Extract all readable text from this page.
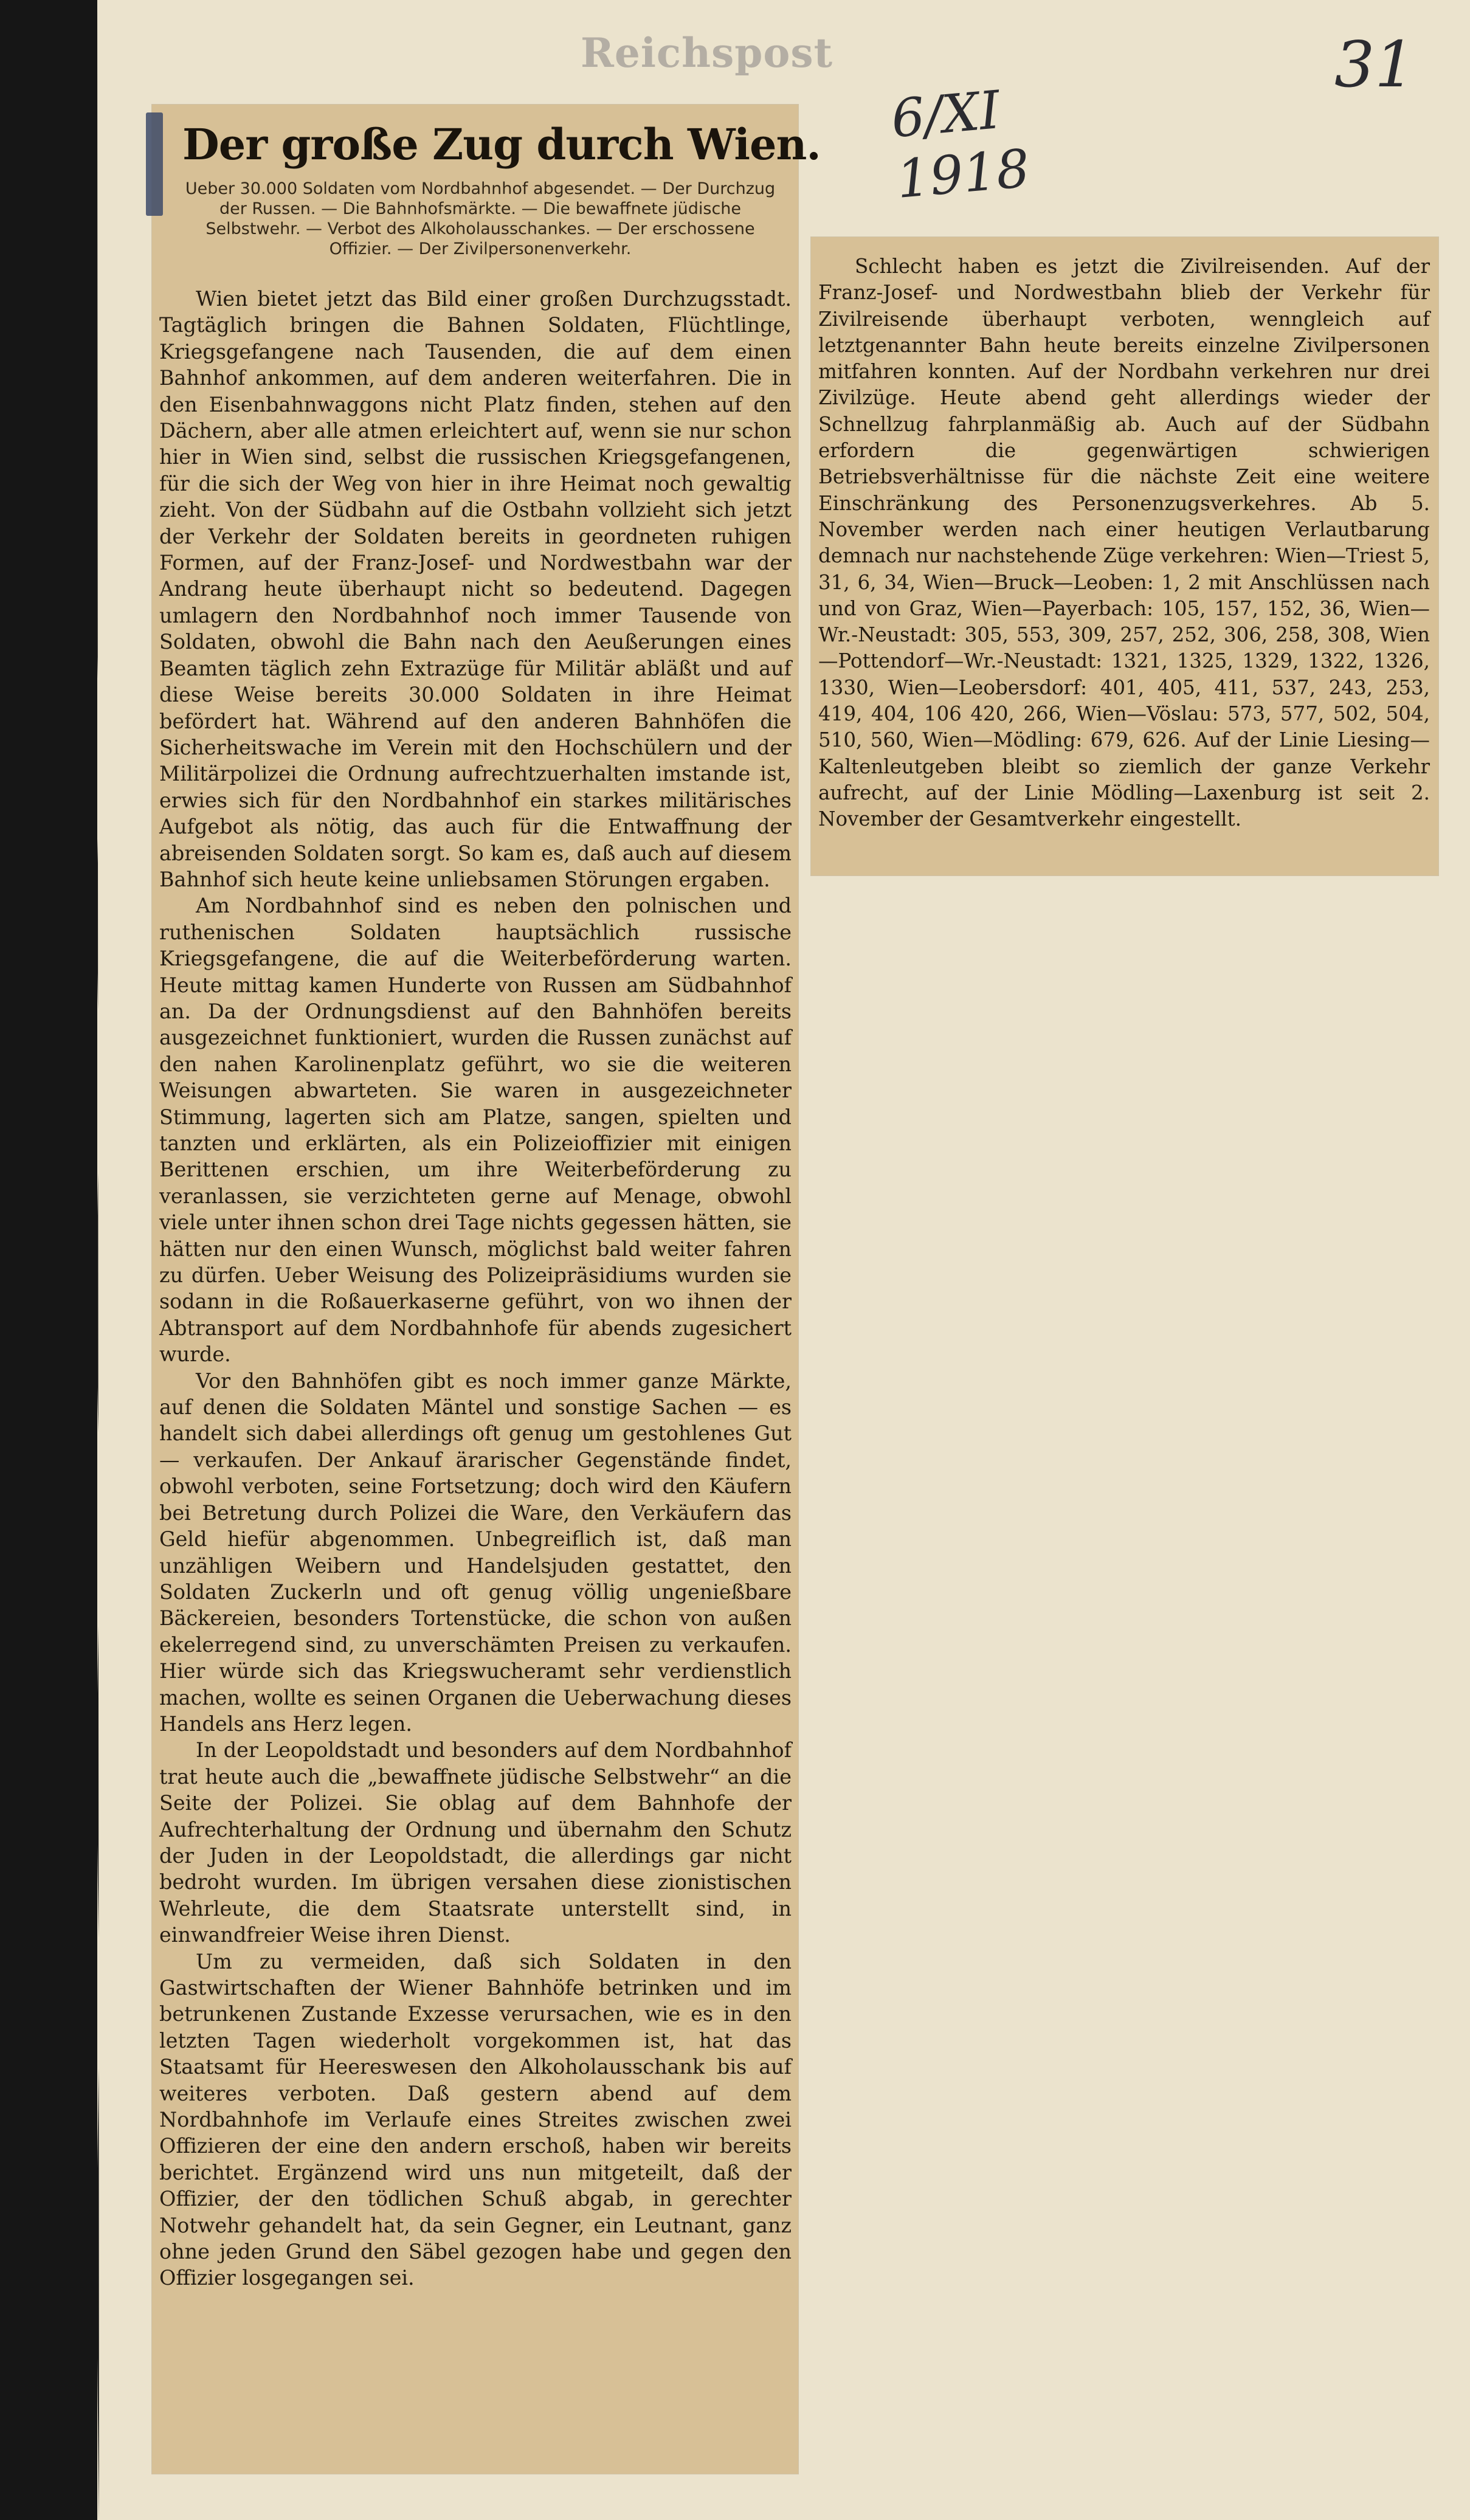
Reichspost
6/XI 1918
31
Der große Zug durch Wien.
Ueber 30.000 Soldaten vom Nordbahnhof abgesendet. — Der Durchzug der Russen. — Die Bahnhofsmärkte. — Die bewaffnete jüdische Selbstwehr. — Verbot des Alkoholausschankes. — Der erschossene Offizier. — Der Zivilpersonenverkehr.

Wien bietet jetzt das Bild einer großen Durchzugsstadt. Tagtäglich bringen die Bahnen Soldaten, Flüchtlinge, Kriegsgefangene nach Tausenden, die auf dem einen Bahnhof ankommen, auf dem anderen weiterfahren. Die in den Eisenbahnwaggons nicht Platz finden, stehen auf den Dächern, aber alle atmen erleichtert auf, wenn sie nur schon hier in Wien sind, selbst die russischen Kriegsgefangenen, für die sich der Weg von hier in ihre Heimat noch gewaltig zieht. Von der Südbahn auf die Ostbahn vollzieht sich jetzt der Verkehr der Soldaten bereits in geordneten ruhigen Formen, auf der Franz-Josef- und Nordwestbahn war der Andrang heute überhaupt nicht so bedeutend. Dagegen umlagern den Nordbahnhof noch immer Tausende von Soldaten, obwohl die Bahn nach den Aeußerungen eines Beamten täglich zehn Extrazüge für Militär abläßt und auf diese Weise bereits 30.000 Soldaten in ihre Heimat befördert hat. Während auf den anderen Bahnhöfen die Sicherheitswache im Verein mit den Hochschülern und der Militärpolizei die Ordnung aufrechtzuerhalten imstande ist, erwies sich für den Nordbahnhof ein starkes militärisches Aufgebot als nötig, das auch für die Entwaffnung der abreisenden Soldaten sorgt. So kam es, daß auch auf diesem Bahnhof sich heute keine unliebsamen Störungen ergaben.

Am Nordbahnhof sind es neben den polnischen und ruthenischen Soldaten hauptsächlich russische Kriegsgefangene, die auf die Weiterbeförderung warten. Heute mittag kamen Hunderte von Russen am Südbahnhof an. Da der Ordnungsdienst auf den Bahnhöfen bereits ausgezeichnet funktioniert, wurden die Russen zunächst auf den nahen Karolinenplatz geführt, wo sie die weiteren Weisungen abwarteten. Sie waren in ausgezeichneter Stimmung, lagerten sich am Platze, sangen, spielten und tanzten und erklärten, als ein Polizeioffizier mit einigen Berittenen erschien, um ihre Weiterbeförderung zu veranlassen, sie verzichteten gerne auf Menage, obwohl viele unter ihnen schon drei Tage nichts gegessen hätten, sie hätten nur den einen Wunsch, möglichst bald weiter fahren zu dürfen. Ueber Weisung des Polizeipräsidiums wurden sie sodann in die Roßauerkaserne geführt, von wo ihnen der Abtransport auf dem Nordbahnhofe für abends zugesichert wurde.

Vor den Bahnhöfen gibt es noch immer ganze Märkte, auf denen die Soldaten Mäntel und sonstige Sachen — es handelt sich dabei allerdings oft genug um gestohlenes Gut — verkaufen. Der Ankauf ärarischer Gegenstände findet, obwohl verboten, seine Fortsetzung; doch wird den Käufern bei Betretung durch Polizei die Ware, den Verkäufern das Geld hiefür abgenommen. Unbegreiflich ist, daß man unzähligen Weibern und Handelsjuden gestattet, den Soldaten Zuckerln und oft genug völlig ungenießbare Bäckereien, besonders Tortenstücke, die schon von außen ekelerregend sind, zu unverschämten Preisen zu verkaufen. Hier würde sich das Kriegswucheramt sehr verdienstlich machen, wollte es seinen Organen die Ueberwachung dieses Handels ans Herz legen.

In der Leopoldstadt und besonders auf dem Nordbahnhof trat heute auch die „bewaffnete jüdische Selbstwehr“ an die Seite der Polizei. Sie oblag auf dem Bahnhofe der Aufrechterhaltung der Ordnung und übernahm den Schutz der Juden in der Leopoldstadt, die allerdings gar nicht bedroht wurden. Im übrigen versahen diese zionistischen Wehrleute, die dem Staatsrate unterstellt sind, in einwandfreier Weise ihren Dienst.

Um zu vermeiden, daß sich Soldaten in den Gastwirtschaften der Wiener Bahnhöfe betrinken und im betrunkenen Zustande Exzesse verursachen, wie es in den letzten Tagen wiederholt vorgekommen ist, hat das Staatsamt für Heereswesen den Alkoholausschank bis auf weiteres verboten. Daß gestern abend auf dem Nordbahnhofe im Verlaufe eines Streites zwischen zwei Offizieren der eine den andern erschoß, haben wir bereits berichtet. Ergänzend wird uns nun mitgeteilt, daß der Offizier, der den tödlichen Schuß abgab, in gerechter Notwehr gehandelt hat, da sein Gegner, ein Leutnant, ganz ohne jeden Grund den Säbel gezogen habe und gegen den Offizier losgegangen sei.

Schlecht haben es jetzt die Zivilreisenden. Auf der Franz-Josef- und Nordwestbahn blieb der Verkehr für Zivilreisende überhaupt verboten, wenngleich auf letztgenannter Bahn heute bereits einzelne Zivilpersonen mitfahren konnten. Auf der Nordbahn verkehren nur drei Zivilzüge. Heute abend geht allerdings wieder der Schnellzug fahrplanmäßig ab. Auch auf der Südbahn erfordern die gegenwärtigen schwierigen Betriebsverhältnisse für die nächste Zeit eine weitere Einschränkung des Personenzugsverkehres. Ab 5. November werden nach einer heutigen Verlautbarung demnach nur nachstehende Züge verkehren: Wien—Triest 5, 31, 6, 34, Wien—Bruck—Leoben: 1, 2 mit Anschlüssen nach und von Graz, Wien—Payerbach: 105, 157, 152, 36, Wien—Wr.-Neustadt: 305, 553, 309, 257, 252, 306, 258, 308, Wien—Pottendorf—Wr.-Neustadt: 1321, 1325, 1329, 1322, 1326, 1330, Wien—Leobersdorf: 401, 405, 411, 537, 243, 253, 419, 404, 106 420, 266, Wien—Vöslau: 573, 577, 502, 504, 510, 560, Wien—Mödling: 679, 626. Auf der Linie Liesing—Kaltenleutgeben bleibt so ziemlich der ganze Verkehr aufrecht, auf der Linie Mödling—Laxenburg ist seit 2. November der Gesamtverkehr eingestellt.
